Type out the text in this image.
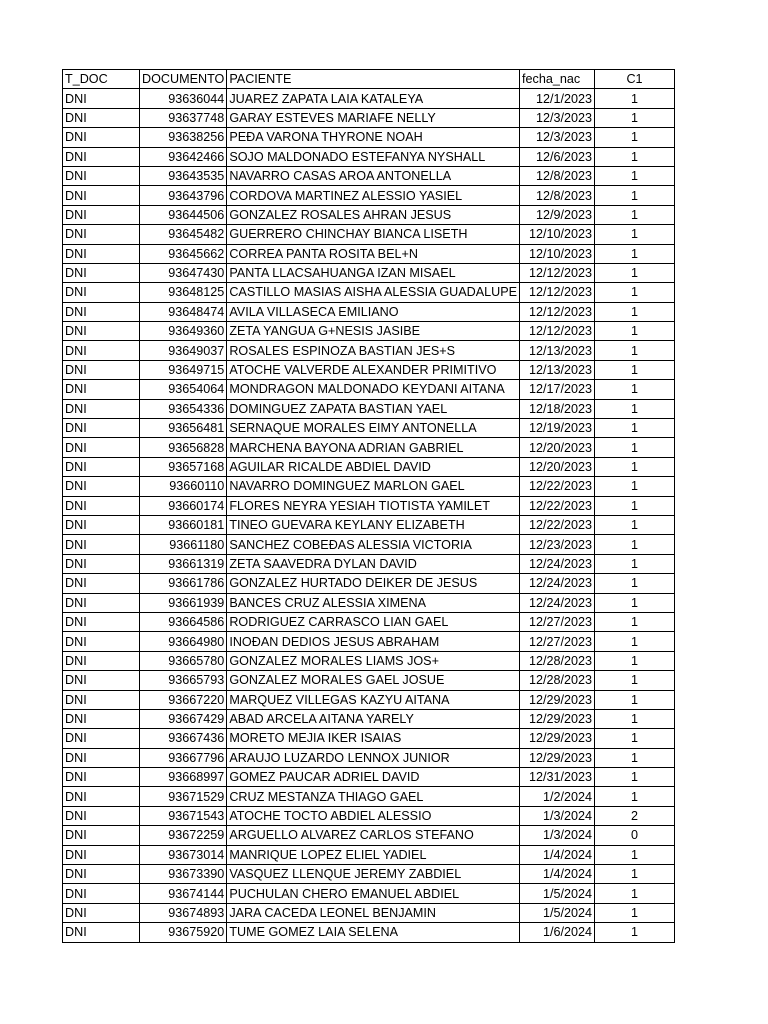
T_DOC	DOCUMENTO	PACIENTE	fecha_nac	C1
DNI	93636044	JUAREZ ZAPATA LAIA KATALEYA	12/1/2023	1
DNI	93637748	GARAY ESTEVES MARIAFE NELLY	12/3/2023	1
DNI	93638256	PEÐA VARONA THYRONE NOAH	12/3/2023	1
DNI	93642466	SOJO MALDONADO ESTEFANYA NYSHALL	12/6/2023	1
DNI	93643535	NAVARRO CASAS AROA ANTONELLA	12/8/2023	1
DNI	93643796	CORDOVA MARTINEZ ALESSIO YASIEL	12/8/2023	1
DNI	93644506	GONZALEZ ROSALES AHRAN JESUS	12/9/2023	1
DNI	93645482	GUERRERO CHINCHAY BIANCA LISETH	12/10/2023	1
DNI	93645662	CORREA PANTA ROSITA BEL+N	12/10/2023	1
DNI	93647430	PANTA LLACSAHUANGA IZAN MISAEL	12/12/2023	1
DNI	93648125	CASTILLO MASIAS AISHA ALESSIA GUADALUPE	12/12/2023	1
DNI	93648474	AVILA VILLASECA EMILIANO	12/12/2023	1
DNI	93649360	ZETA YANGUA G+NESIS JASIBE	12/12/2023	1
DNI	93649037	ROSALES ESPINOZA BASTIAN JES+S	12/13/2023	1
DNI	93649715	ATOCHE VALVERDE ALEXANDER PRIMITIVO	12/13/2023	1
DNI	93654064	MONDRAGON MALDONADO KEYDANI AITANA	12/17/2023	1
DNI	93654336	DOMINGUEZ ZAPATA BASTIAN YAEL	12/18/2023	1
DNI	93656481	SERNAQUE MORALES EIMY ANTONELLA	12/19/2023	1
DNI	93656828	MARCHENA BAYONA ADRIAN GABRIEL	12/20/2023	1
DNI	93657168	AGUILAR RICALDE ABDIEL DAVID	12/20/2023	1
DNI	93660110	NAVARRO DOMINGUEZ MARLON GAEL	12/22/2023	1
DNI	93660174	FLORES NEYRA YESIAH TIOTISTA YAMILET	12/22/2023	1
DNI	93660181	TINEO GUEVARA KEYLANY ELIZABETH	12/22/2023	1
DNI	93661180	SANCHEZ COBEÐAS ALESSIA VICTORIA	12/23/2023	1
DNI	93661319	ZETA SAAVEDRA DYLAN DAVID	12/24/2023	1
DNI	93661786	GONZALEZ HURTADO DEIKER DE JESUS	12/24/2023	1
DNI	93661939	BANCES CRUZ ALESSIA XIMENA	12/24/2023	1
DNI	93664586	RODRIGUEZ CARRASCO LIAN GAEL	12/27/2023	1
DNI	93664980	INOÐAN DEDIOS JESUS ABRAHAM	12/27/2023	1
DNI	93665780	GONZALEZ MORALES LIAMS JOS+	12/28/2023	1
DNI	93665793	GONZALEZ MORALES GAEL JOSUE	12/28/2023	1
DNI	93667220	MARQUEZ VILLEGAS KAZYU AITANA	12/29/2023	1
DNI	93667429	ABAD ARCELA AITANA YARELY	12/29/2023	1
DNI	93667436	MORETO MEJIA IKER ISAIAS	12/29/2023	1
DNI	93667796	ARAUJO LUZARDO LENNOX JUNIOR	12/29/2023	1
DNI	93668997	GOMEZ PAUCAR ADRIEL DAVID	12/31/2023	1
DNI	93671529	CRUZ MESTANZA THIAGO GAEL	1/2/2024	1
DNI	93671543	ATOCHE TOCTO ABDIEL ALESSIO	1/3/2024	2
DNI	93672259	ARGUELLO ALVAREZ CARLOS STEFANO	1/3/2024	0
DNI	93673014	MANRIQUE LOPEZ ELIEL YADIEL	1/4/2024	1
DNI	93673390	VASQUEZ LLENQUE JEREMY ZABDIEL	1/4/2024	1
DNI	93674144	PUCHULAN CHERO EMANUEL ABDIEL	1/5/2024	1
DNI	93674893	JARA CACEDA LEONEL BENJAMIN	1/5/2024	1
DNI	93675920	TUME GOMEZ LAIA SELENA	1/6/2024	1
